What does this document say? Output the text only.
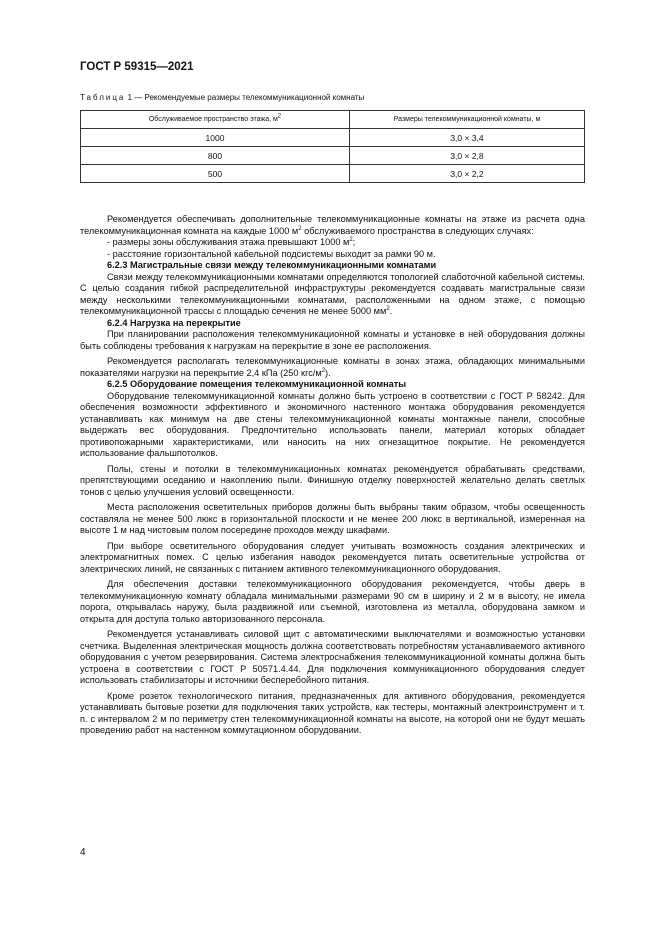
ГОСТ Р 59315—2021
Таблица 1 — Рекомендуемые размеры телекоммуникационной комнаты
Обслуживаемое пространство этажа, $м^2$	Размеры телекоммуникационной комнаты, м
1000	3,0 × 3,4
800	3,0 × 2,8
500	3,0 × 2,2

Рекомендуется обеспечивать дополнительные телекоммуникационные комнаты на этаже из расчета одна телекоммуникационная комната на каждые 1000 $м^2$ обслуживаемого пространства в следующих случаях:

- размеры зоны обслуживания этажа превышают 1000 $м^2$;

- расстояние горизонтальной кабельной подсистемы выходит за рамки 90 м.

6.2.3 Магистральные связи между телекоммуникационными комнатами

Связи между телекоммуникационными комнатами определяются топологией слаботочной кабельной системы. С целью создания гибкой распределительной инфраструктуры рекомендуется создавать магистральные связи между несколькими телекоммуникационными комнатами, расположенными на одном этаже, с помощью телекоммуникационной трассы с площадью сечения не менее 5000 $мм^2$.

6.2.4 Нагрузка на перекрытие

При планировании расположения телекоммуникационной комнаты и установке в ней оборудования должны быть соблюдены требования к нагрузкам на перекрытие в зоне ее расположения.

Рекомендуется располагать телекоммуникационные комнаты в зонах этажа, обладающих минимальными показателями нагрузки на перекрытие 2,4 кПа (250 кгс/$м^2$).

6.2.5 Оборудование помещения телекоммуникационной комнаты

Оборудование телекоммуникационной комнаты должно быть устроено в соответствии с ГОСТ Р 58242. Для обеспечения возможности эффективного и экономичного настенного монтажа оборудования рекомендуется устанавливать как минимум на две стены телекоммуникационной комнаты монтажные панели, способные выдержать вес оборудования. Предпочтительно использовать панели, материал которых обладает противопожарными характеристиками, или наносить на них огнезащитное покрытие. Не рекомендуется использование фальшпотолков.

Полы, стены и потолки в телекоммуникационных комнатах рекомендуется обрабатывать средствами, препятствующими оседанию и накоплению пыли. Финишную отделку поверхностей желательно делать светлых тонов с целью улучшения условий освещенности.

Места расположения осветительных приборов должны быть выбраны таким образом, чтобы освещенность составляла не менее 500 люкс в горизонтальной плоскости и не менее 200 люкс в вертикальной, измеренная на высоте 1 м над чистовым полом посередине проходов между шкафами.

При выборе осветительного оборудования следует учитывать возможность создания электрических и электромагнитных помех. С целью избегания наводок рекомендуется питать осветительные устройства от электрических линий, не связанных с питанием активного телекоммуникационного оборудования.

Для обеспечения доставки телекоммуникационного оборудования рекомендуется, чтобы дверь в телекоммуникационную комнату обладала минимальными размерами 90 см в ширину и 2 м в высоту, не имела порога, открывалась наружу, была раздвижной или съемной, изготовлена из металла, оборудована замком и открыта для доступа только авторизованного персонала.

Рекомендуется устанавливать силовой щит с автоматическими выключателями и возможностью установки счетчика. Выделенная электрическая мощность должна соответствовать потребностям устанавливаемого активного оборудования с учетом резервирования. Система электроснабжения телекоммуникационной комнаты должна быть устроена в соответствии с ГОСТ Р 50571.4.44. Для подключения коммуникационного оборудования следует использовать стабилизаторы и источники бесперебойного питания.

Кроме розеток технологического питания, предназначенных для активного оборудования, рекомендуется устанавливать бытовые розетки для подключения таких устройств, как тестеры, монтажный электроинструмент и т. п. с интервалом 2 м по периметру стен телекоммуникационной комнаты на высоте, на которой они не будут мешать проведению работ на настенном коммутационном оборудовании.

4
